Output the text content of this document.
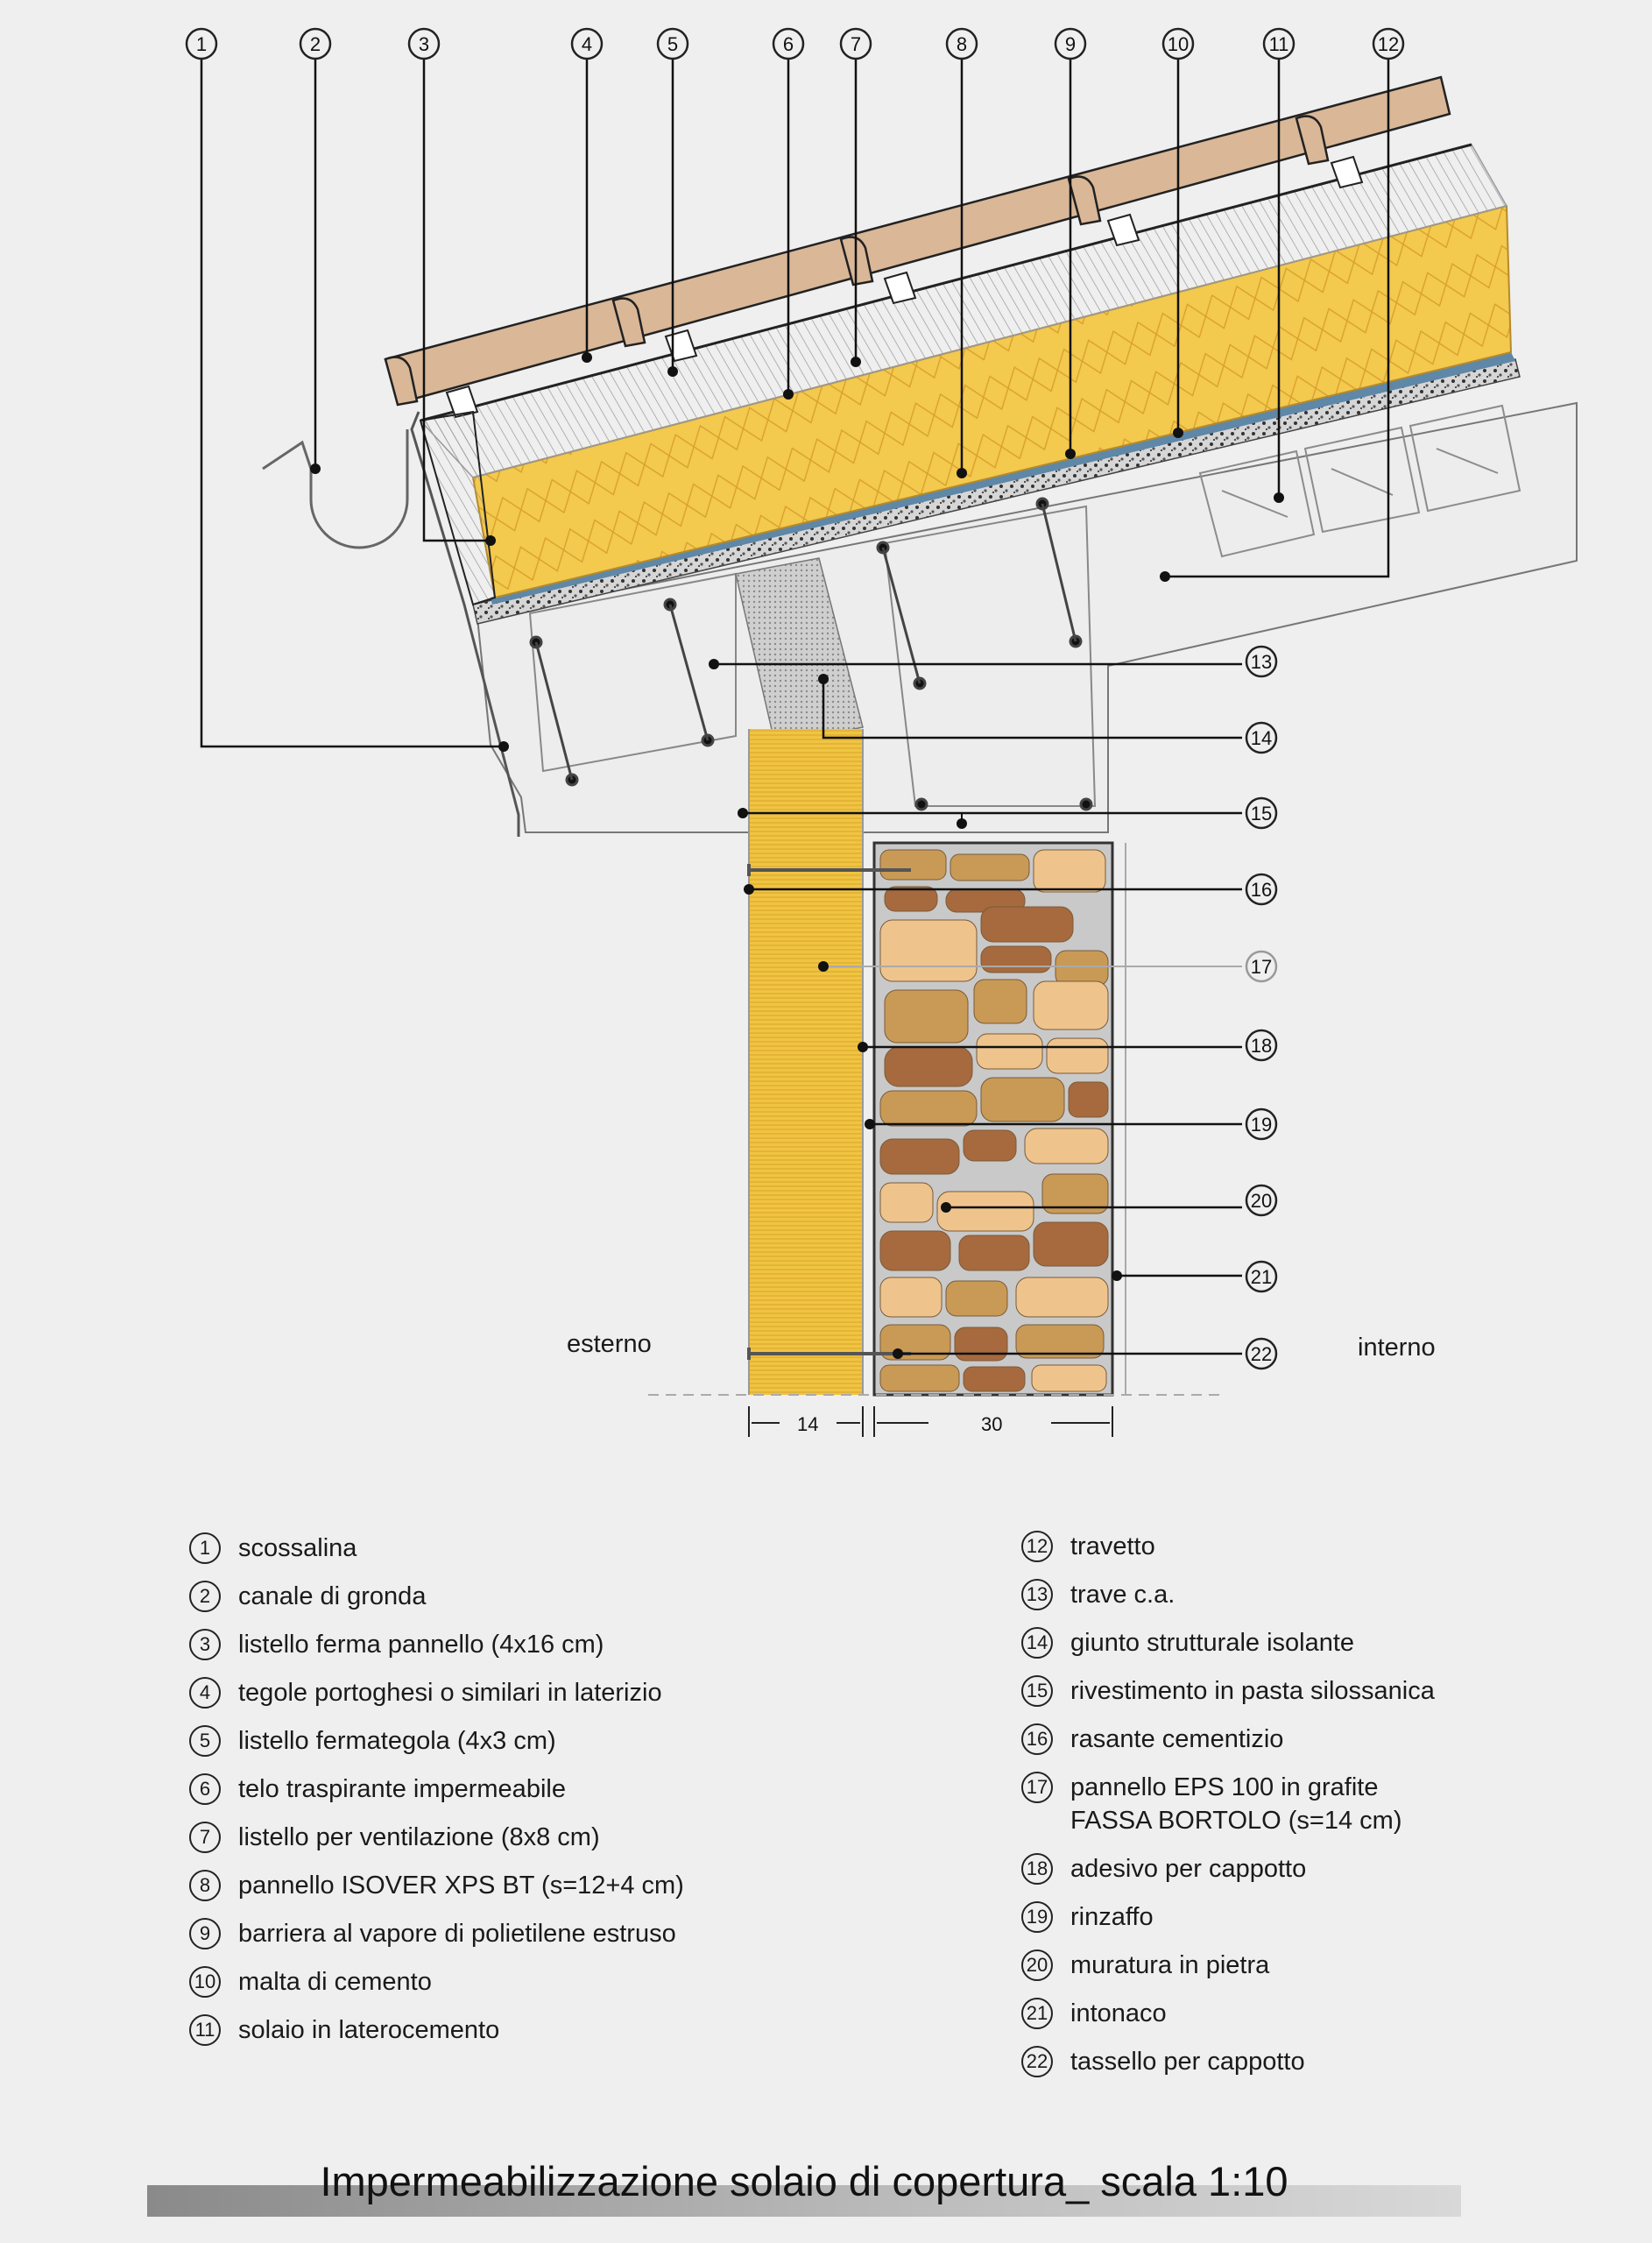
14	30
1	2	3	4	5	6	7	8	9	10	11	12
13
14
15
16
17
18
19
20
21
22
esterno	interno
1	scossalina
2	canale di gronda
3	listello ferma pannello (4x16 cm)
4	tegole portoghesi o similari in laterizio
5	listello fermategola (4x3 cm)
6	telo traspirante impermeabile
7	listello per ventilazione (8x8 cm)
8	pannello ISOVER XPS BT (s=12+4 cm)
9	barriera al vapore di polietilene estruso
10 malta di cemento
11 solaio in laterocemento
12 travetto
13 trave c.a.
14 giunto strutturale isolante
15 rivestimento in pasta silossanica
16 rasante cementizio
17 pannello EPS 100 in grafite
FASSA BORTOLO (s=14 cm)
18 adesivo per cappotto
19 rinzaffo
20 muratura in pietra
21 intonaco
22 tassello per cappotto
Impermeabilizzazione solaio di copertura_ scala 1:10
